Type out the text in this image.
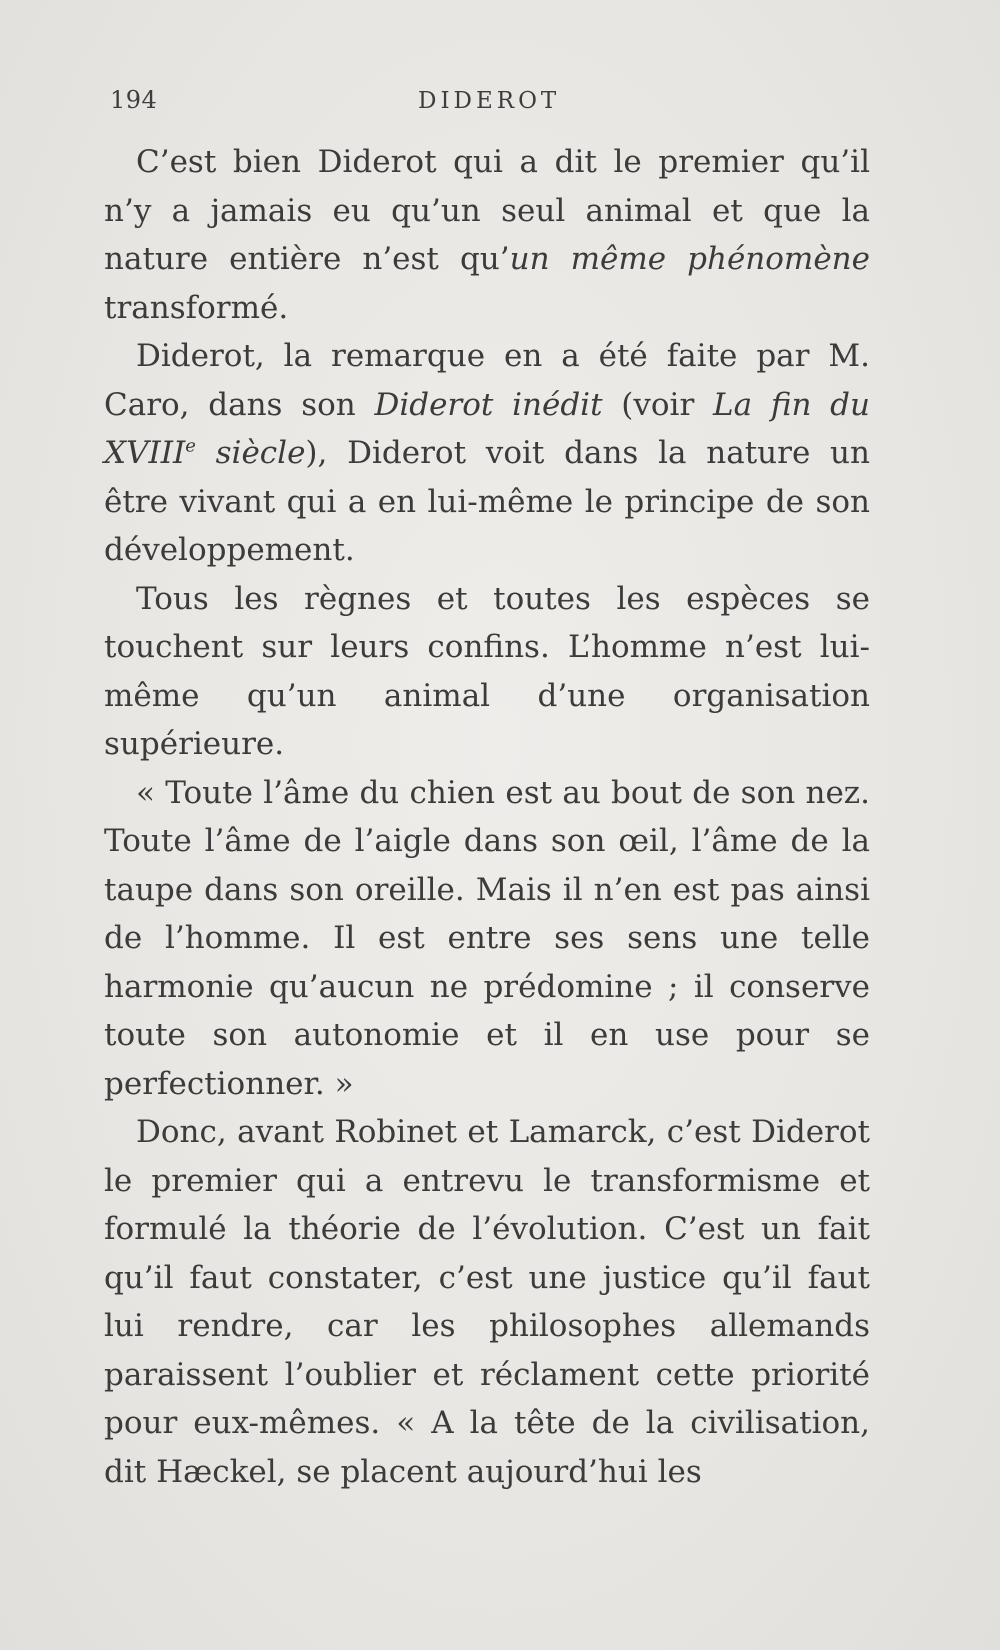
194	DIDEROT

C’est bien Diderot qui a dit le premier qu’il n’y a jamais eu qu’un seul animal et que la nature entière n’est qu’un même phénomène transformé.

Diderot, la remarque en a été faite par M. Caro, dans son Diderot inédit (voir La fin du XVIIIe siècle), Diderot voit dans la nature un être vivant qui a en lui-même le principe de son développement.

Tous les règnes et toutes les espèces se touchent sur leurs confins. L’homme n’est lui-même qu’un animal d’une organisation supérieure.

« Toute l’âme du chien est au bout de son nez. Toute l’âme de l’aigle dans son œil, l’âme de la taupe dans son oreille. Mais il n’en est pas ainsi de l’homme. Il est entre ses sens une telle harmonie qu’aucun ne prédomine ; il conserve toute son autonomie et il en use pour se perfectionner. »

Donc, avant Robinet et Lamarck, c’est Diderot le premier qui a entrevu le transformisme et formulé la théorie de l’évolution. C’est un fait qu’il faut constater, c’est une justice qu’il faut lui rendre, car les philosophes allemands paraissent l’oublier et réclament cette priorité pour eux-mêmes. « A la tête de la civilisation, dit Hæckel, se placent aujourd’hui les
